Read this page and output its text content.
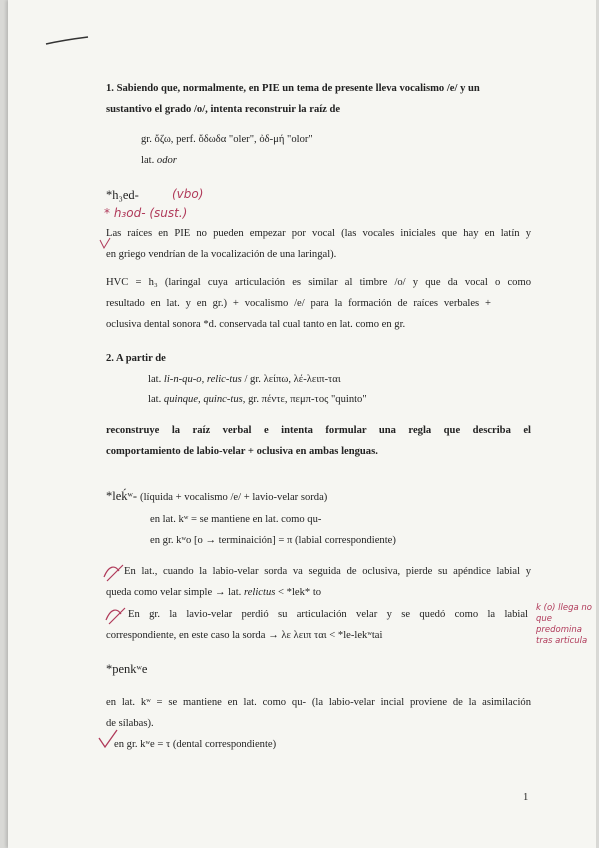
1. Sabiendo que, normalmente, en PIE un tema de presente lleva vocalismo /e/ y un
sustantivo el grado /o/, intenta reconstruir la raíz de
gr. ὄζω, perf. ὄδωδα "oler", ὀδ-μή "olor"
lat. odor
*h₃ed-	(vbo)
* h₃od- (sust.)
Las raíces en PIE no pueden empezar por vocal (las vocales iniciales que hay en latín y
en griego vendrían de la vocalización de una laringal).
HVC = h₃ (laringal cuya articulación es similar al timbre /o/ y que da vocal o como
resultado en lat. y en gr.) + vocalismo /e/ para la formación de raíces verbales +
oclusiva dental sonora *d. conservada tal cual tanto en lat. como en gr.
2. A partir de
lat. li-n-qu-o, relic-tus / gr. λείπω, λέ-λειπ-ται
lat. quinque, quinc-tus, gr. πέντε, πεμπ-τος "quinto"
reconstruye la raíz verbal e intenta formular una regla que describa el
comportamiento de labio-velar + oclusiva en ambas lenguas.
*leḱʷ- (líquida + vocalismo /e/ + lavio-velar sorda)
en lat. kʷ = se mantiene en lat. como qu-
en gr. kʷo [o → terminaición] = π (labial correspondiente)
En lat., cuando la labio-velar sorda va seguida de oclusiva, pierde su apéndice labial y
queda como velar simple → lat. relictus < *lek* to
En gr. la lavio-velar perdió su articulación velar y se quedó como la labial
correspondiente, en este caso la sorda → λε λειπ ται < *le-lekʷtai
k (o) llega no que predomina tras articula
*penkʷe
en lat. kʷ = se mantiene en lat. como qu- (la labio-velar incial proviene de la asimilación
de sílabas).
en gr. kʷe = τ (dental correspondiente)
1
